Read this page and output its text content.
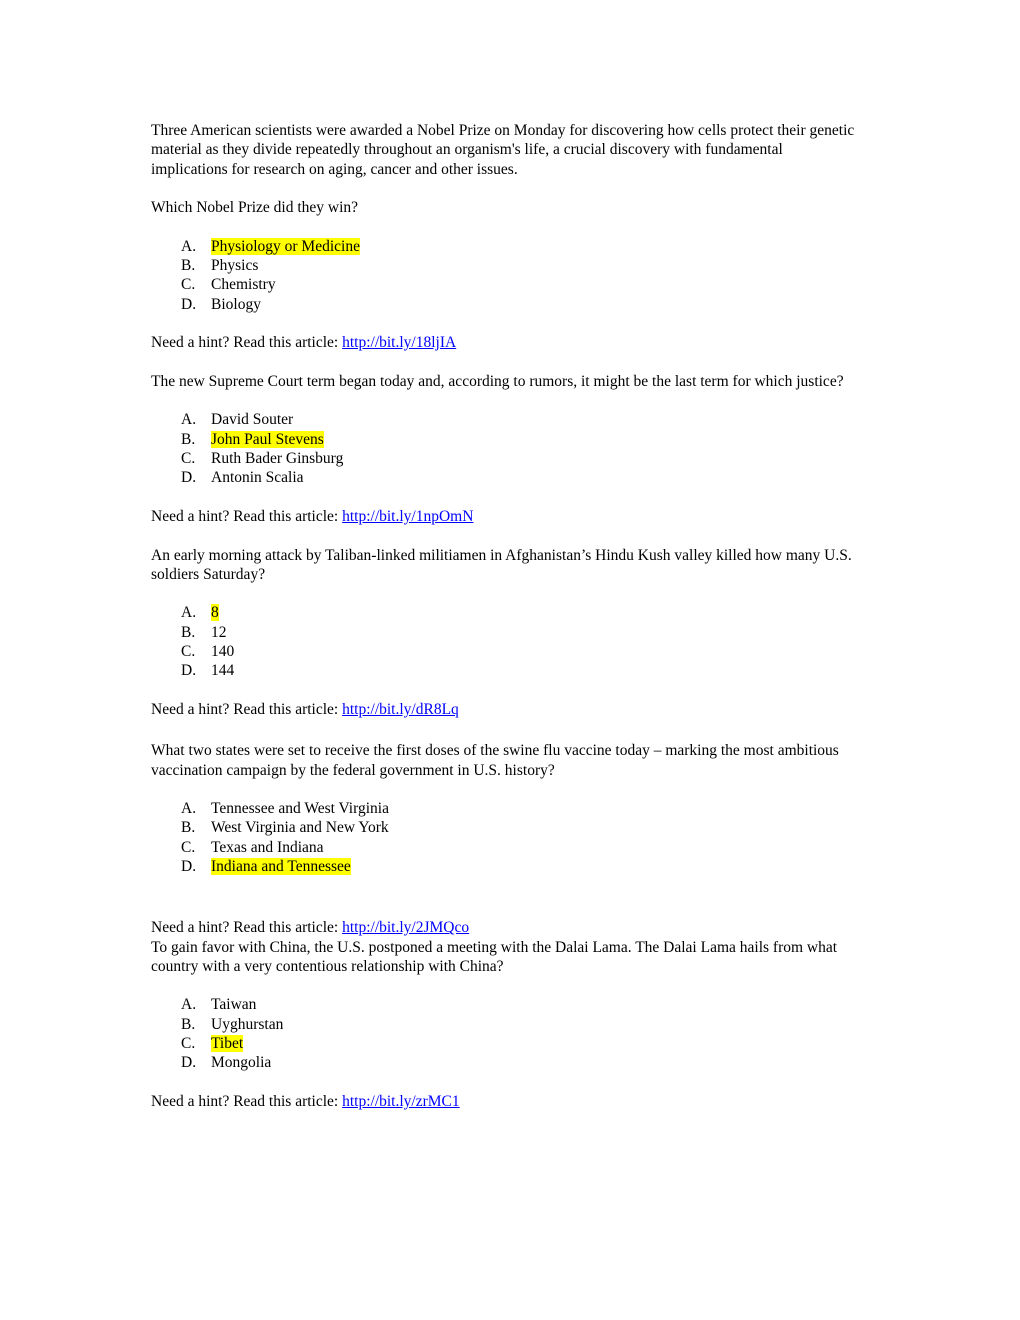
Three American scientists were awarded a Nobel Prize on Monday for discovering how cells protect their genetic material as they divide repeatedly throughout an organism's life, a crucial discovery with fundamental implications for research on aging, cancer and other issues.

Which Nobel Prize did they win?

A. Physiology or Medicine
B. Physics
C. Chemistry
D. Biology

Need a hint? Read this article: http://bit.ly/18ljIA

The new Supreme Court term began today and, according to rumors, it might be the last term for which justice?

A. David Souter
B. John Paul Stevens
C. Ruth Bader Ginsburg
D. Antonin Scalia

Need a hint? Read this article: http://bit.ly/1npOmN

An early morning attack by Taliban-linked militiamen in Afghanistan’s Hindu Kush valley killed how many U.S. soldiers Saturday?

A. 8
B. 12
C. 140
D. 144

Need a hint? Read this article: http://bit.ly/dR8Lq

What two states were set to receive the first doses of the swine flu vaccine today – marking the most ambitious vaccination campaign by the federal government in U.S. history?

A. Tennessee and West Virginia
B. West Virginia and New York
C. Texas and Indiana
D. Indiana and Tennessee

Need a hint? Read this article: http://bit.ly/2JMQco

To gain favor with China, the U.S. postponed a meeting with the Dalai Lama. The Dalai Lama hails from what country with a very contentious relationship with China?

A. Taiwan
B. Uyghurstan
C. Tibet
D. Mongolia

Need a hint? Read this article: http://bit.ly/zrMC1
